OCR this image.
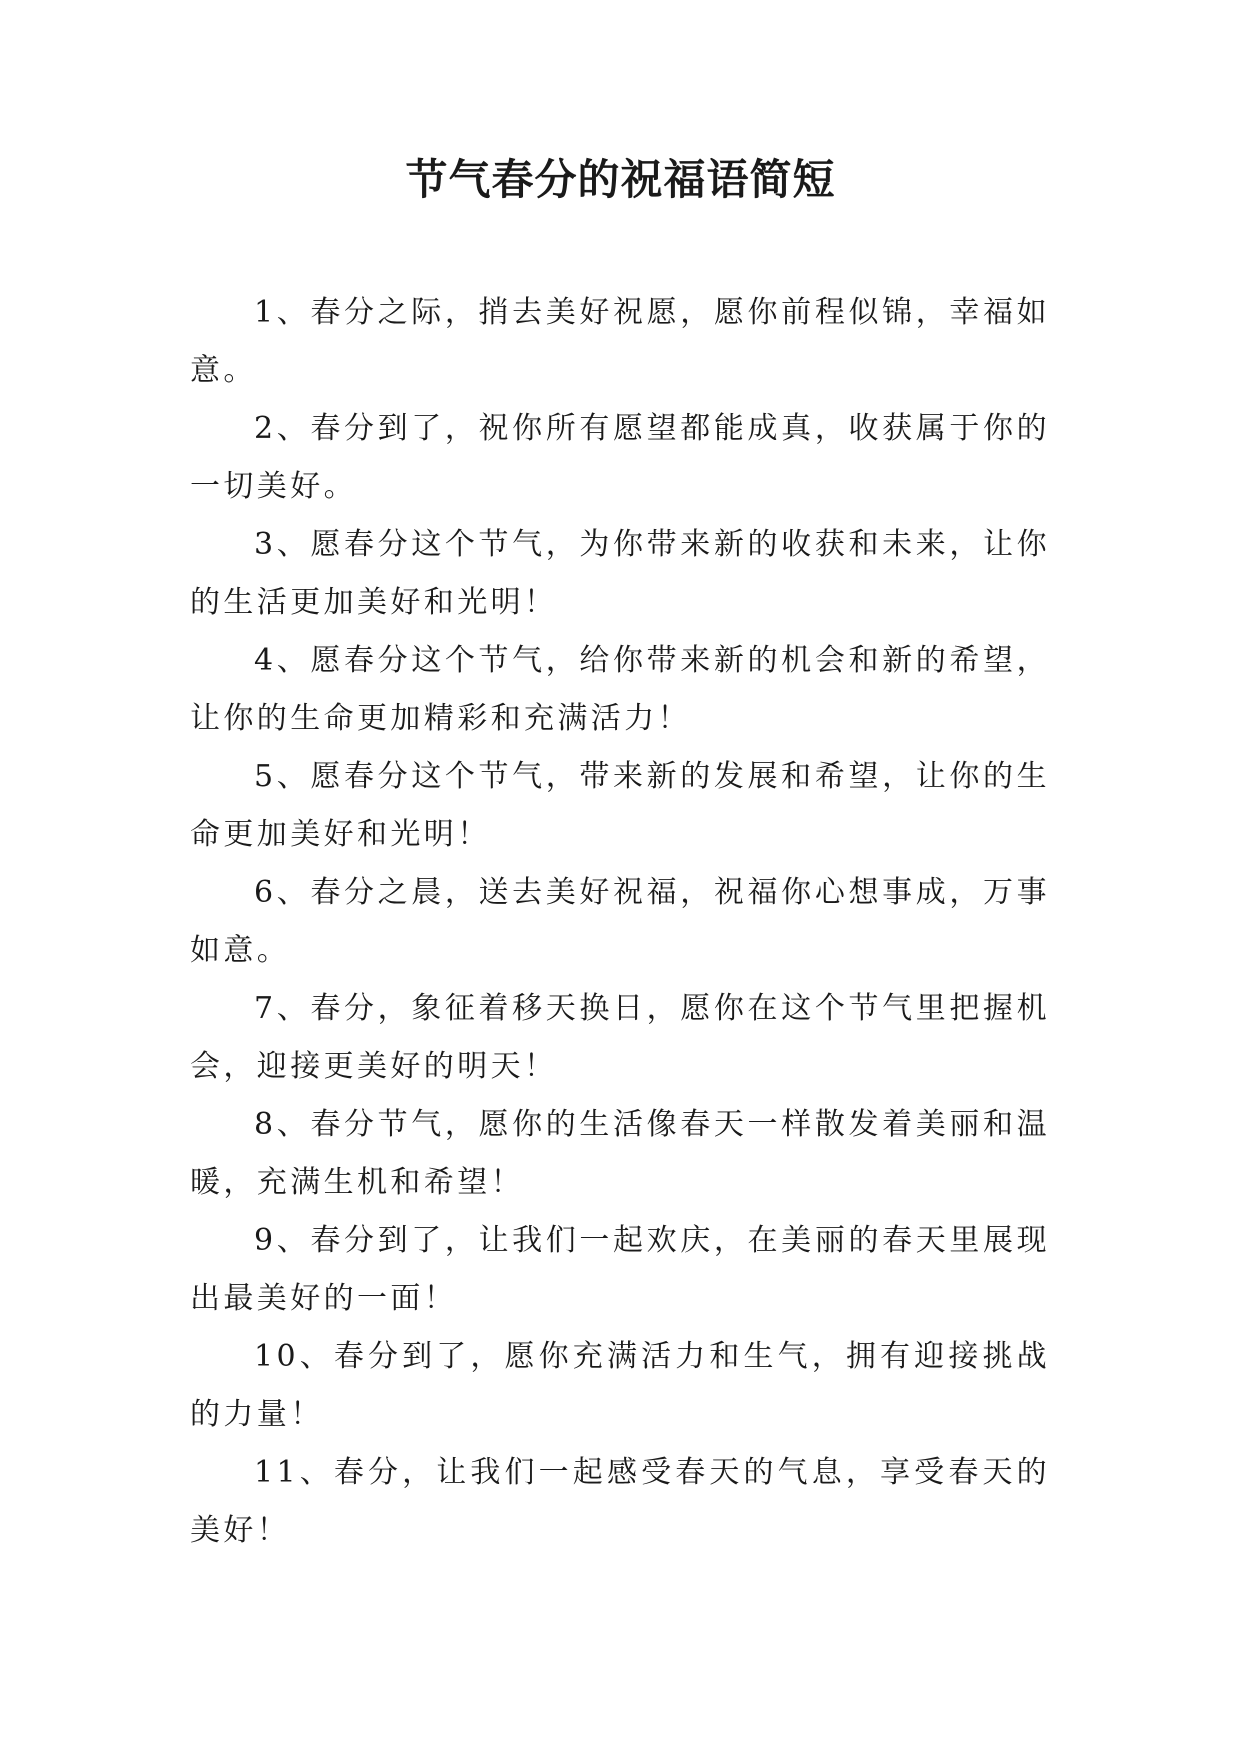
节气春分的祝福语简短

1、春分之际，捎去美好祝愿，愿你前程似锦，幸福如意。

2、春分到了，祝你所有愿望都能成真，收获属于你的一切美好。

3、愿春分这个节气，为你带来新的收获和未来，让你的生活更加美好和光明！

4、愿春分这个节气，给你带来新的机会和新的希望，让你的生命更加精彩和充满活力！

5、愿春分这个节气，带来新的发展和希望，让你的生命更加美好和光明！

6、春分之晨，送去美好祝福，祝福你心想事成，万事如意。

7、春分，象征着移天换日，愿你在这个节气里把握机会，迎接更美好的明天！

8、春分节气，愿你的生活像春天一样散发着美丽和温暖，充满生机和希望！

9、春分到了，让我们一起欢庆，在美丽的春天里展现出最美好的一面！

10、春分到了，愿你充满活力和生气，拥有迎接挑战的力量！

11、春分，让我们一起感受春天的气息，享受春天的美好！
